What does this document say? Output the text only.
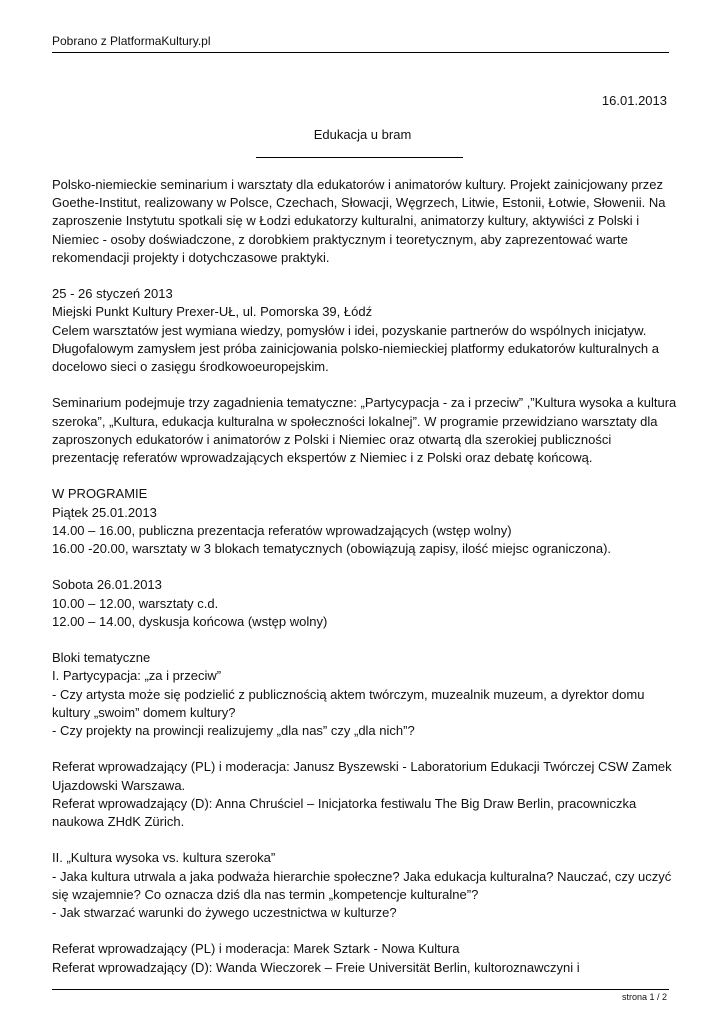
Pobrano z PlatformaKultury.pl
16.01.2013
Edukacja u bram

Polsko-niemieckie seminarium i warsztaty dla edukatorów i animatorów kultury. Projekt zainicjowany przez Goethe-Institut, realizowany w Polsce, Czechach, Słowacji, Węgrzech, Litwie, Estonii, Łotwie, Słowenii. Na zaproszenie Instytutu spotkali się w Łodzi edukatorzy kulturalni, animatorzy kultury, aktywiści z Polski i Niemiec - osoby doświadczone, z dorobkiem praktycznym i teoretycznym, aby zaprezentować warte rekomendacji projekty i dotychczasowe praktyki.

25 - 26 styczeń 2013
Miejski Punkt Kultury Prexer-UŁ, ul. Pomorska 39, Łódź
Celem warsztatów jest wymiana wiedzy, pomysłów i idei, pozyskanie partnerów do wspólnych inicjatyw. Długofalowym zamysłem jest próba zainicjowania polsko-niemieckiej platformy edukatorów kulturalnych a docelowo sieci o zasięgu środkowoeuropejskim.

Seminarium podejmuje trzy zagadnienia tematyczne: „Partycypacja - za i przeciw” ,”Kultura wysoka a kultura szeroka”, „Kultura, edukacja kulturalna w społeczności lokalnej”. W programie przewidziano warsztaty dla zaproszonych edukatorów i animatorów z Polski i Niemiec oraz otwartą dla szerokiej publiczności prezentację referatów wprowadzających ekspertów z Niemiec i z Polski oraz debatę końcową.

W PROGRAMIE
Piątek 25.01.2013
14.00 – 16.00, publiczna prezentacja referatów wprowadzających (wstęp wolny)
16.00 -20.00, warsztaty w 3 blokach tematycznych (obowiązują zapisy, ilość miejsc ograniczona).

Sobota 26.01.2013
10.00 – 12.00, warsztaty c.d.
12.00 – 14.00, dyskusja końcowa (wstęp wolny)

Bloki tematyczne
I. Partycypacja: „za i przeciw”
- Czy artysta może się podzielić z publicznością aktem twórczym, muzealnik muzeum, a dyrektor domu kultury „swoim” domem kultury?
- Czy projekty na prowincji realizujemy „dla nas” czy „dla nich”?

Referat wprowadzający (PL) i moderacja: Janusz Byszewski - Laboratorium Edukacji Twórczej CSW Zamek Ujazdowski Warszawa.
Referat wprowadzający (D): Anna Chruściel – Inicjatorka festiwalu The Big Draw Berlin, pracowniczka naukowa ZHdK Zürich.

II. „Kultura wysoka vs. kultura szeroka”
- Jaka kultura utrwala a jaka podważa hierarchie społeczne? Jaka edukacja kulturalna? Nauczać, czy uczyć się wzajemnie? Co oznacza dziś dla nas termin „kompetencje kulturalne”?
- Jak stwarzać warunki do żywego uczestnictwa w kulturze?

Referat wprowadzający (PL) i moderacja: Marek Sztark - Nowa Kultura
Referat wprowadzający (D): Wanda Wieczorek – Freie Universität Berlin, kultoroznawczyni i

strona 1 / 2
